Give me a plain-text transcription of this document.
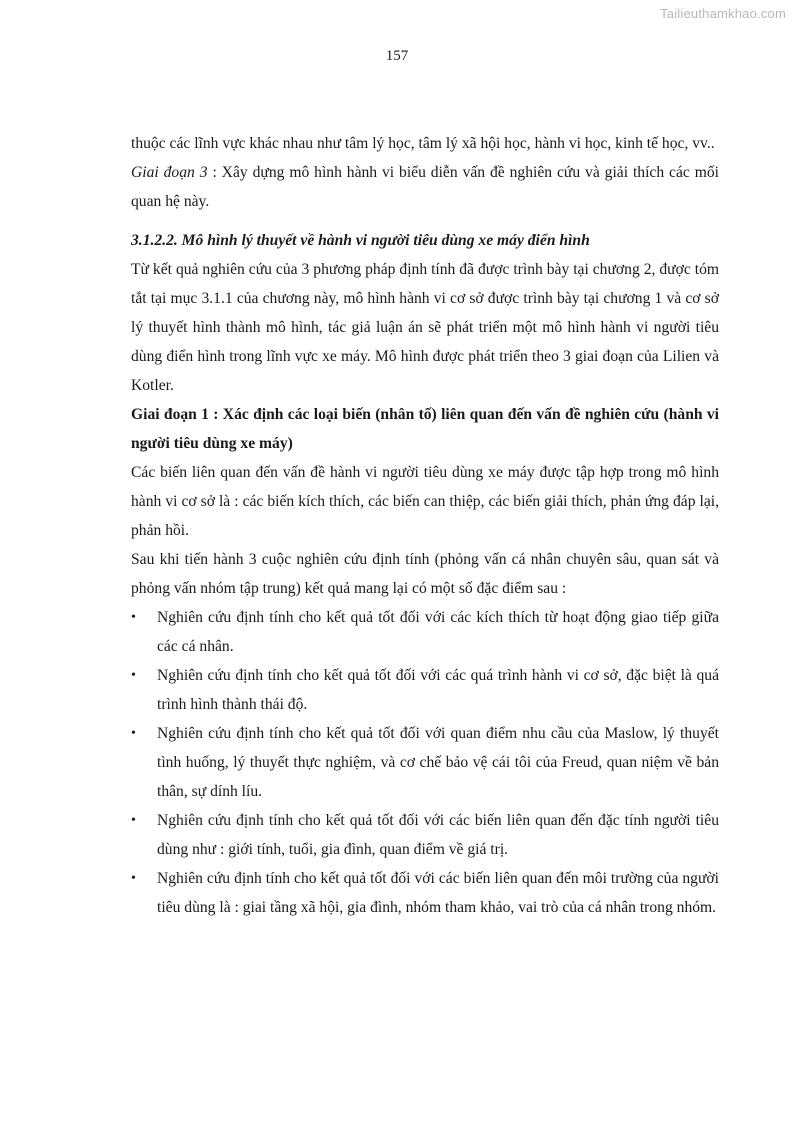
Tailieuthamkhao.com
157

thuộc các lĩnh vực khác nhau như tâm lý học, tâm lý xã hội học, hành vi học, kinh tế học, vv..

Giai đoạn 3 : Xây dựng mô hình hành vi biểu diễn vấn đề nghiên cứu và giải thích các mối quan hệ này.

3.1.2.2. Mô hình lý thuyết về hành vi người tiêu dùng xe máy điển hình

Từ kết quả nghiên cứu của 3 phương pháp định tính đã được trình bày tại chương 2, được tóm tắt tại mục 3.1.1 của chương này, mô hình hành vi cơ sở được trình bày tại chương 1 và cơ sở lý thuyết hình thành mô hình, tác giả luận án sẽ phát triển một mô hình hành vi người tiêu dùng điển hình trong lĩnh vực xe máy. Mô hình được phát triển theo 3 giai đoạn của Lilien và Kotler.

Giai đoạn 1 : Xác định các loại biến (nhân tố) liên quan đến vấn đề nghiên cứu (hành vi người tiêu dùng xe máy)

Các biến liên quan đến vấn đề hành vi người tiêu dùng xe máy được tập hợp trong mô hình hành vi cơ sở là : các biến kích thích, các biến can thiệp, các biến giải thích, phản ứng đáp lại, phản hồi.

Sau khi tiến hành 3 cuộc nghiên cứu định tính (phỏng vấn cá nhân chuyên sâu, quan sát và phỏng vấn nhóm tập trung) kết quả mang lại có một số đặc điểm sau :

• Nghiên cứu định tính cho kết quả tốt đối với các kích thích từ hoạt động giao tiếp giữa các cá nhân.
• Nghiên cứu định tính cho kết quả tốt đối với các quá trình hành vi cơ sở, đặc biệt là quá trình hình thành thái độ.
• Nghiên cứu định tính cho kết quả tốt đối với quan điểm nhu cầu của Maslow, lý thuyết tình huống, lý thuyết thực nghiệm, và cơ chế bảo vệ cái tôi của Freud, quan niệm về bản thân, sự dính líu.
• Nghiên cứu định tính cho kết quả tốt đối với các biến liên quan đến đặc tính người tiêu dùng như : giới tính, tuổi, gia đình, quan điểm về giá trị.
• Nghiên cứu định tính cho kết quả tốt đối với các biến liên quan đến môi trường của người tiêu dùng là : giai tầng xã hội, gia đình, nhóm tham khảo, vai trò của cá nhân trong nhóm.
